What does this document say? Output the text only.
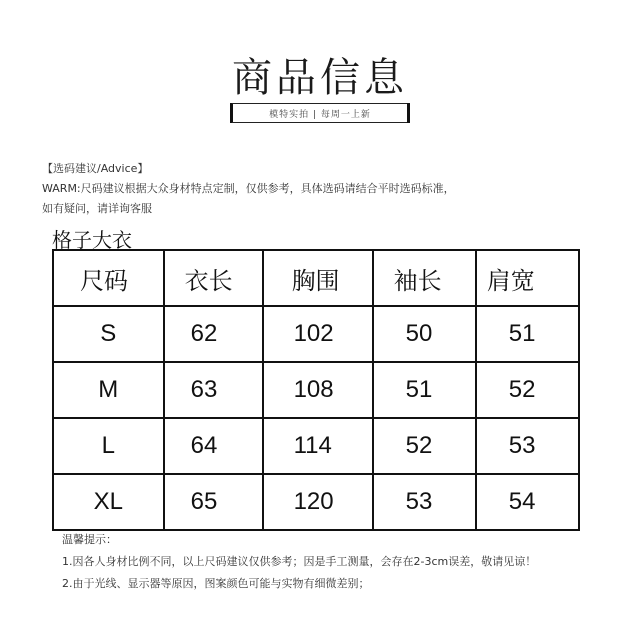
商品信息
模特实拍 | 每周一上新
【选码建议/Advice】
WARM:尺码建议根据大众身材特点定制，仅供参考，具体选码请结合平时选码标准，
如有疑问，请详询客服
格子大衣
尺码	衣长	胸围	袖长	肩宽
S	62	102	50	51
M	63	108	51	52
L	64	114	52	53
XL	65	120	53	54
温馨提示：
1.因各人身材比例不同，以上尺码建议仅供参考；因是手工测量，会存在2-3cm误差，敬请见谅！
2.由于光线、显示器等原因，图案颜色可能与实物有细微差别；
